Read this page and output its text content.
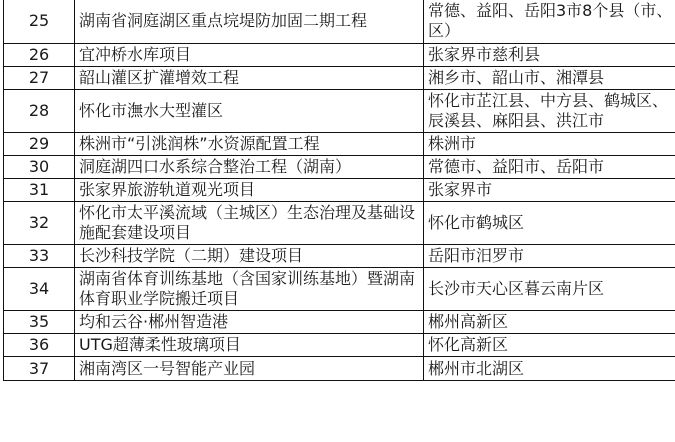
25	湖南省洞庭湖区重点垸堤防加固二期工程	常德、益阳、岳阳3市8个县（市、区）
26	宜冲桥水库项目	张家界市慈利县
27	韶山灌区扩灌增效工程	湘乡市、韶山市、湘潭县
28	怀化市潕水大型灌区	怀化市芷江县、中方县、鹤城区、辰溪县、麻阳县、洪江市
29	株洲市“引洮润株”水资源配置工程	株洲市
30	洞庭湖四口水系综合整治工程（湖南）	常德市、益阳市、岳阳市
31	张家界旅游轨道观光项目	张家界市
32	怀化市太平溪流域（主城区）生态治理及基础设施配套建设项目	怀化市鹤城区
33	长沙科技学院（二期）建设项目	岳阳市汨罗市
34	湖南省体育训练基地（含国家训练基地）暨湖南体育职业学院搬迁项目	长沙市天心区暮云南片区
35	均和云谷·郴州智造港	郴州高新区
36	UTG超薄柔性玻璃项目	怀化高新区
37	湘南湾区一号智能产业园	郴州市北湖区
